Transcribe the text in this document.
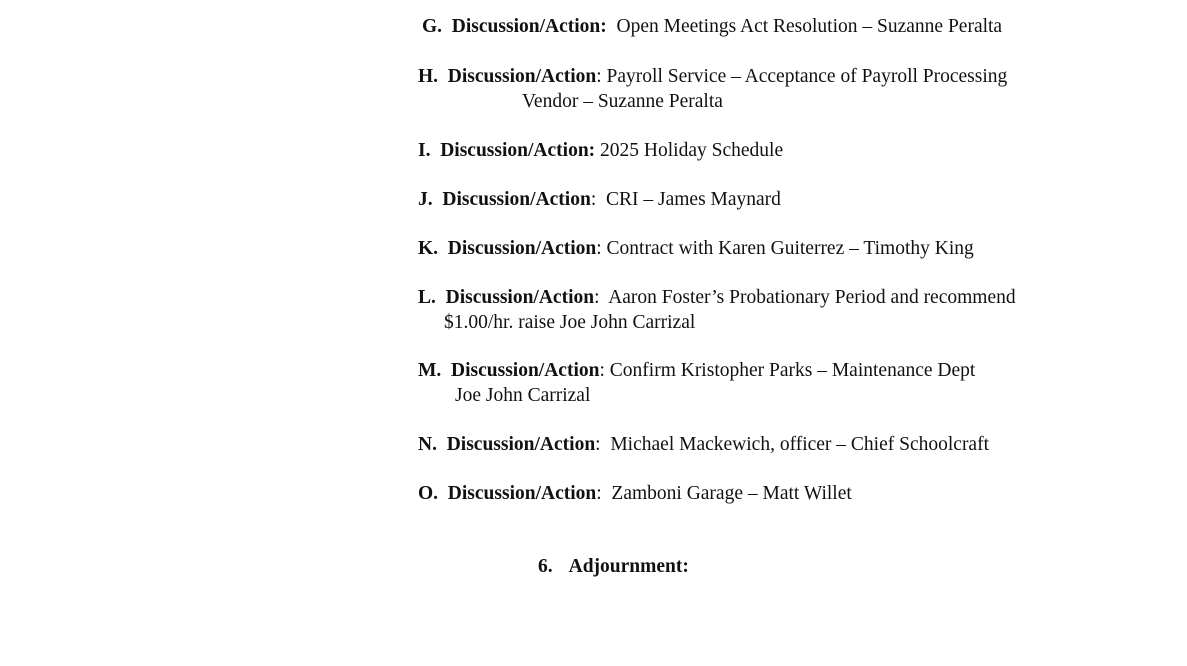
G.  Discussion/Action:  Open Meetings Act Resolution – Suzanne Peralta
H.  Discussion/Action: Payroll Service – Acceptance of Payroll Processing
Vendor – Suzanne Peralta
I.  Discussion/Action: 2025 Holiday Schedule
J.  Discussion/Action:  CRI – James Maynard
K.  Discussion/Action: Contract with Karen Guiterrez – Timothy King
L.  Discussion/Action:  Aaron Foster’s Probationary Period and recommend
$1.00/hr. raise Joe John Carrizal
M.  Discussion/Action: Confirm Kristopher Parks – Maintenance Dept
Joe John Carrizal
N.  Discussion/Action:  Michael Mackewich, officer – Chief Schoolcraft
O.  Discussion/Action:  Zamboni Garage – Matt Willet
6. Adjournment:
